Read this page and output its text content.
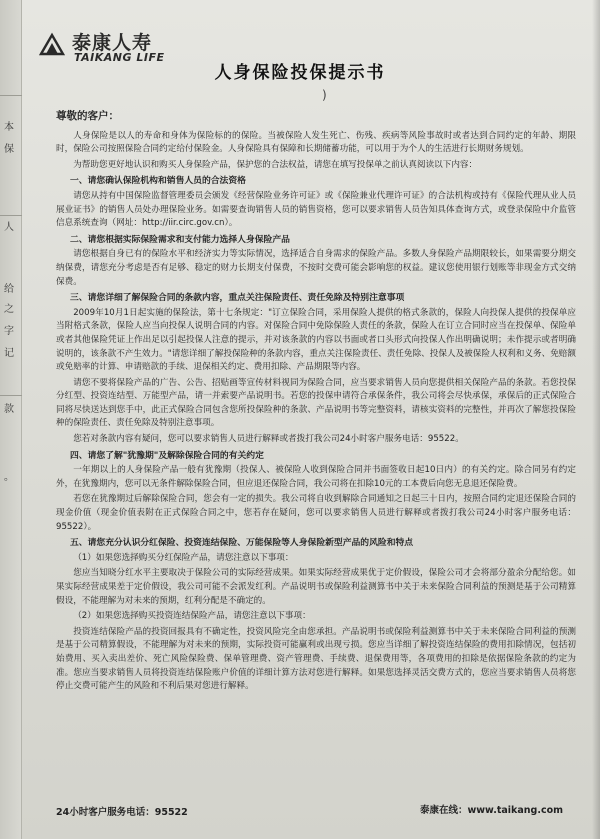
本
保
人
给
之
字
记
款
。
泰康人寿
TAIKANG LIFE
人身保险投保提示书
)
尊敬的客户：
人身保险是以人的寿命和身体为保险标的的保险。当被保险人发生死亡、伤残、疾病等风险事故时或者达到合同约定的年龄、期限时，保险公司按照保险合同约定给付保险金。人身保险具有保障和长期储蓄功能，可以用于为个人的生活进行长期财务规划。
为帮助您更好地认识和购买人身保险产品，保护您的合法权益，请您在填写投保单之前认真阅读以下内容：
一、请您确认保险机构和销售人员的合法资格
请您从持有中国保险监督管理委员会颁发《经营保险业务许可证》或《保险兼业代理许可证》的合法机构或持有《保险代理从业人员展业证书》的销售人员处办理保险业务。如需要查询销售人员的销售资格，您可以要求销售人员告知具体查询方式，或登录保险中介监管信息系统查询（网址：http://iir.circ.gov.cn）。
二、请您根据实际保险需求和支付能力选择人身保险产品
请您根据自身已有的保险水平和经济实力等实际情况，选择适合自身需求的保险产品。多数人身保险产品期限较长，如果需要分期交纳保费，请您充分考虑是否有足够、稳定的财力长期支付保费，不按时交费可能会影响您的权益。建议您使用银行划账等非现金方式交纳保费。
三、请您详细了解保险合同的条款内容，重点关注保险责任、责任免除及特别注意事项
2009年10月1日起实施的保险法，第十七条规定："订立保险合同，采用保险人提供的格式条款的，保险人向投保人提供的投保单应当附格式条款，保险人应当向投保人说明合同的内容。对保险合同中免除保险人责任的条款，保险人在订立合同时应当在投保单、保险单或者其他保险凭证上作出足以引起投保人注意的提示，并对该条款的内容以书面或者口头形式向投保人作出明确说明；未作提示或者明确说明的，该条款不产生效力。"请您详细了解投保险种的条款内容，重点关注保险责任、责任免除、投保人及被保险人权利和义务、免赔额或免赔率的计算、申请赔款的手续、退保相关约定、费用扣除、产品期限等内容。
请您不要将保险产品的广告、公告、招贴画等宣传材料视同为保险合同，应当要求销售人员向您提供相关保险产品的条款。若您投保分红型、投资连结型、万能型产品，请一并索要产品说明书。若您的投保申请符合承保条件，我公司将会尽快承保，承保后的正式保险合同将尽快送达到您手中，此正式保险合同包含您所投保险种的条款、产品说明书等完整资料，请核实资料的完整性，并再次了解您投保险种的保险责任、责任免除及特别注意事项。
您若对条款内容有疑问，您可以要求销售人员进行解释或者拨打我公司24小时客户服务电话：95522。
四、请您了解"犹豫期"及解除保险合同的有关约定
一年期以上的人身保险产品一般有犹豫期（投保人、被保险人收到保险合同并书面签收日起10日内）的有关约定。除合同另有约定外，在犹豫期内，您可以无条件解除保险合同，但应退还保险合同，我公司将在扣除10元的工本费后向您无息退还保险费。
若您在犹豫期过后解除保险合同，您会有一定的损失。我公司将自收到解除合同通知之日起三十日内，按照合同约定退还保险合同的现金价值（现金价值表附在正式保险合同之中，您若存在疑问，您可以要求销售人员进行解释或者拨打我公司24小时客户服务电话：95522）。
五、请您充分认识分红保险、投资连结保险、万能保险等人身保险新型产品的风险和特点
（1）如果您选择购买分红保险产品，请您注意以下事项：
您应当知晓分红水平主要取决于保险公司的实际经营成果。如果实际经营成果优于定价假设，保险公司才会将部分盈余分配给您。如果实际经营成果差于定价假设，我公司可能不会派发红利。产品说明书或保险利益测算书中关于未来保险合同利益的预测是基于公司精算假设，不能理解为对未来的预期，红利分配是不确定的。
（2）如果您选择购买投资连结保险产品，请您注意以下事项：
投资连结保险产品的投资回报具有不确定性，投资风险完全由您承担。产品说明书或保险利益测算书中关于未来保险合同利益的预测是基于公司精算假设，不能理解为对未来的预期，实际投资可能赢利或出现亏损。您应当详细了解投资连结保险的费用扣除情况，包括初始费用、买入卖出差价、死亡风险保险费、保单管理费、资产管理费、手续费、退保费用等，各项费用的扣除是依据保险条款的约定为准。您应当要求销售人员将投资连结保险账户价值的详细计算方法对您进行解释。如果您选择灵活交费方式的，您应当要求销售人员将您停止交费可能产生的风险和不利后果对您进行解释。
24小时客户服务电话：95522	泰康在线：www.taikang.com
